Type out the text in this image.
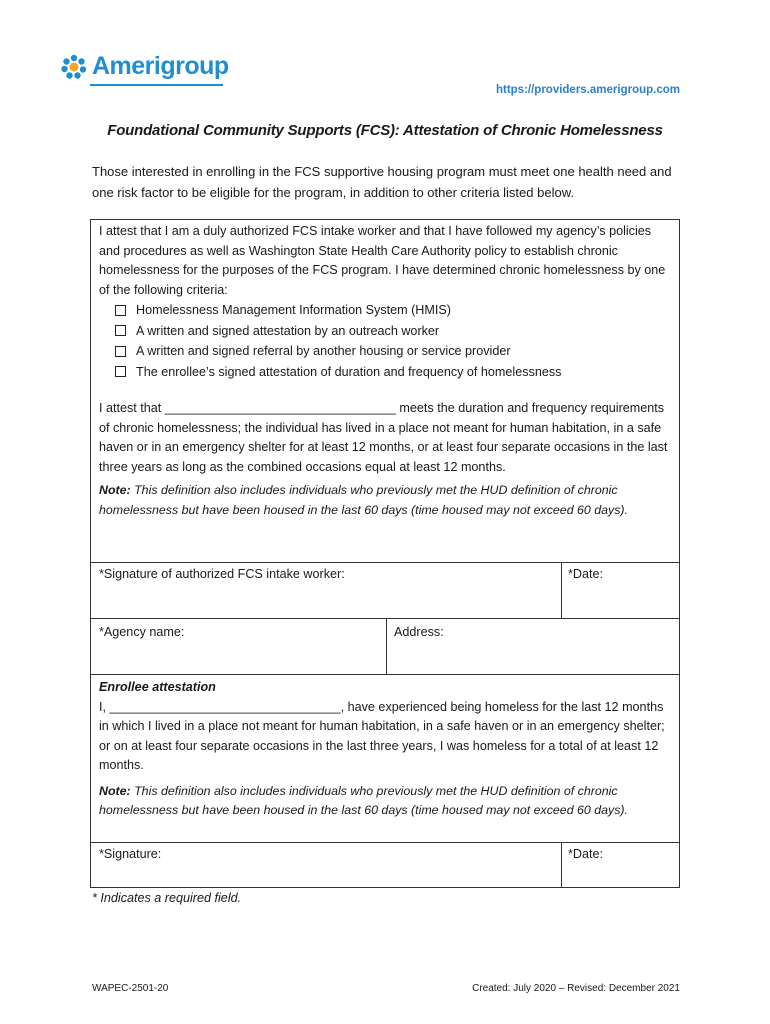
Amerigroup
https://providers.amerigroup.com
Foundational Community Supports (FCS): Attestation of Chronic Homelessness
Those interested in enrolling in the FCS supportive housing program must meet one health need and one risk factor to be eligible for the program, in addition to other criteria listed below.
I attest that I am a duly authorized FCS intake worker and that I have followed my agency’s policies and procedures as well as Washington State Health Care Authority policy to establish chronic homelessness for the purposes of the FCS program. I have determined chronic homelessness by one of the following criteria:
Homelessness Management Information System (HMIS)
A written and signed attestation by an outreach worker
A written and signed referral by another housing or service provider
The enrollee’s signed attestation of duration and frequency of homelessness
I attest that _________________________________ meets the duration and frequency requirements of chronic homelessness; the individual has lived in a place not meant for human habitation, in a safe haven or in an emergency shelter for at least 12 months, or at least four separate occasions in the last three years as long as the combined occasions equal at least 12 months.
Note: This definition also includes individuals who previously met the HUD definition of chronic homelessness but have been housed in the last 60 days (time housed may not exceed 60 days).
*Signature of authorized FCS intake worker:	*Date:
*Agency name:	Address:
Enrollee attestation
I, _________________________________, have experienced being homeless for the last 12 months in which I lived in a place not meant for human habitation, in a safe haven or in an emergency shelter; or on at least four separate occasions in the last three years, I was homeless for a total of at least 12 months.
Note: This definition also includes individuals who previously met the HUD definition of chronic homelessness but have been housed in the last 60 days (time housed may not exceed 60 days).
*Signature:	*Date:
* Indicates a required field.
WAPEC-2501-20	Created: July 2020 – Revised: December 2021
